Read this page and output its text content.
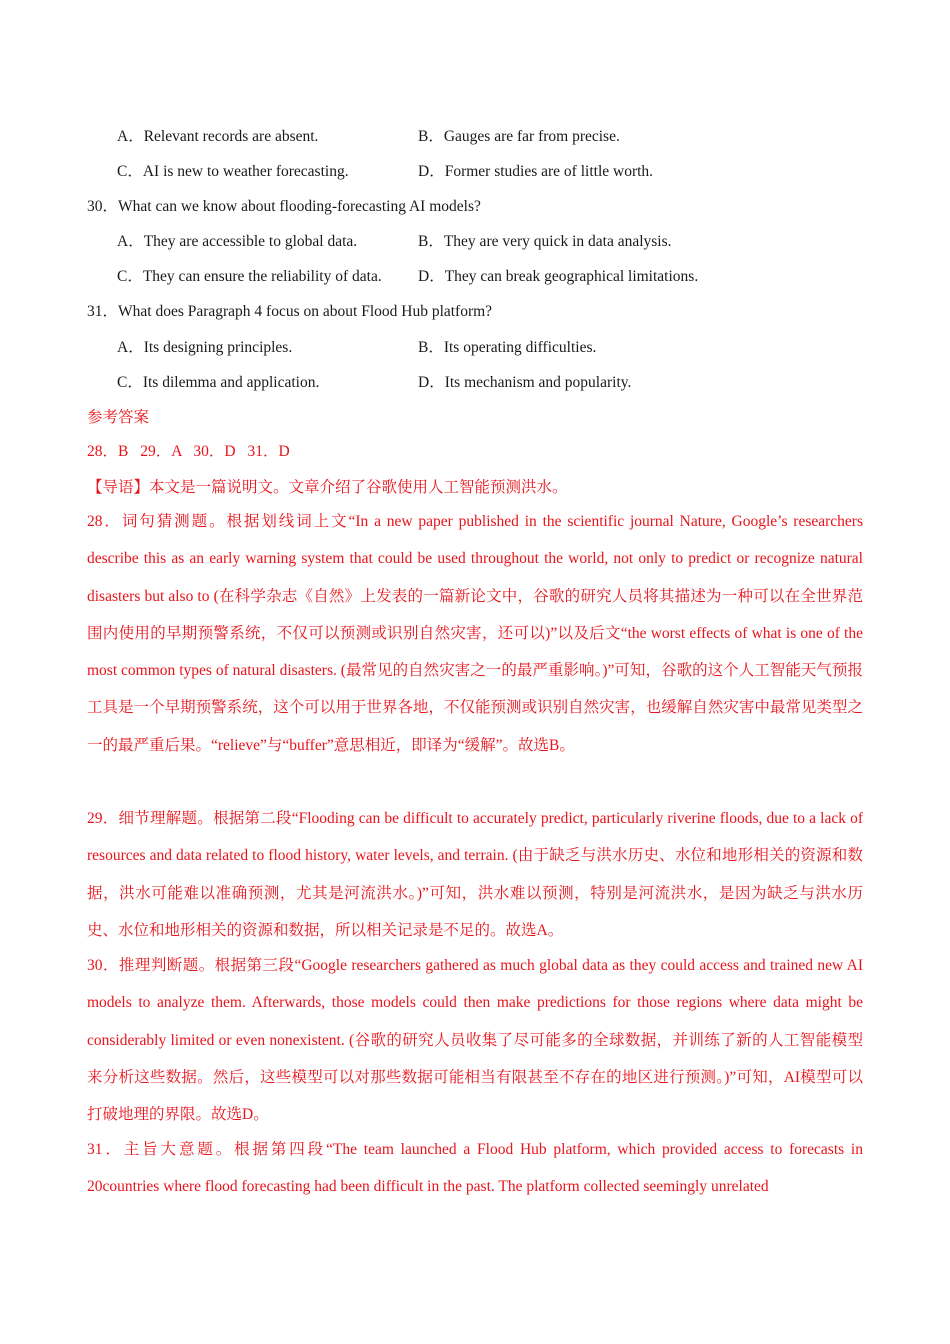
A．Relevant records are absent.	B．Gauges are far from precise.
C．AI is new to weather forecasting.	D．Former studies are of little worth.
30．What can we know about flooding-forecasting AI models?
A．They are accessible to global data.	B．They are very quick in data analysis.
C．They can ensure the reliability of data. D．They can break geographical limitations.
31．What does Paragraph 4 focus on about Flood Hub platform?
A．Its designing principles.	B．Its operating difficulties.
C．Its dilemma and application.	D．Its mechanism and popularity.
参考答案
28．B 29．A 30．D 31．D
【导语】本文是一篇说明文。文章介绍了谷歌使用人工智能预测洪水。
28．词句猜测题。根据划线词上文“In a new paper published in the scientific journal Nature, Google’s researchers describe this as an early warning system that could be used throughout the world, not only to predict or recognize natural disasters but also to (在科学杂志《自然》上发表的一篇新论文中，谷歌的研究人员将其描述为一种可以在全世界范围内使用的早期预警系统，不仅可以预测或识别自然灾害，还可以)”以及后文“the worst effects of what is one of the most common types of natural disasters. (最常见的自然灾害之一的最严重影响。)”可知，谷歌的这个人工智能天气预报工具是一个早期预警系统，这个可以用于世界各地，不仅能预测或识别自然灾害，也缓解自然灾害中最常见类型之一的最严重后果。“relieve”与“buffer”意思相近，即译为“缓解”。故选B。
29．细节理解题。根据第二段“Flooding can be difficult to accurately predict, particularly riverine floods, due to a lack of resources and data related to flood history, water levels, and terrain. (由于缺乏与洪水历史、水位和地形相关的资源和数据，洪水可能难以准确预测，尤其是河流洪水。)”可知，洪水难以预测，特别是河流洪水，是因为缺乏与洪水历史、水位和地形相关的资源和数据，所以相关记录是不足的。故选A。
30．推理判断题。根据第三段“Google researchers gathered as much global data as they could access and trained new AI models to analyze them. Afterwards, those models could then make predictions for those regions where data might be considerably limited or even nonexistent. (谷歌的研究人员收集了尽可能多的全球数据，并训练了新的人工智能模型来分析这些数据。然后，这些模型可以对那些数据可能相当有限甚至不存在的地区进行预测。)”可知，AI模型可以打破地理的界限。故选D。
31．主旨大意题。根据第四段“The team launched a Flood Hub platform, which provided access to forecasts in 20countries where flood forecasting had been difficult in the past. The platform collected seemingly unrelated
